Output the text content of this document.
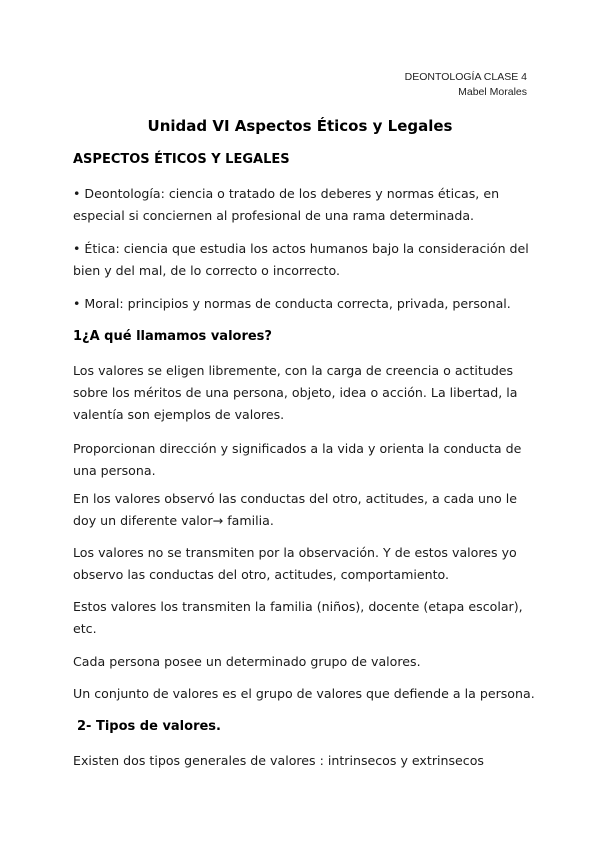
DEONTOLOGÍA CLASE 4
Mabel Morales
Unidad VI Aspectos Éticos y Legales
ASPECTOS ÉTICOS Y LEGALES
• Deontología: ciencia o tratado de los deberes y normas éticas, en especial si conciernen al profesional de una rama determinada.
• Ética: ciencia que estudia los actos humanos bajo la consideración del bien y del mal, de lo correcto o incorrecto.
• Moral: principios y normas de conducta correcta, privada, personal.
1¿A qué llamamos valores?
Los valores se eligen libremente, con la carga de creencia o actitudes sobre los méritos de una persona, objeto, idea o acción. La libertad, la valentía son ejemplos de valores.
Proporcionan dirección y significados a la vida y orienta la conducta de una persona.
En los valores observó las conductas del otro, actitudes, a cada uno le doy un diferente valor→ familia.
Los valores no se transmiten por la observación. Y de estos valores yo observo las conductas del otro, actitudes, comportamiento.
Estos valores los transmiten la familia (niños), docente (etapa escolar), etc.
Cada persona posee un determinado grupo de valores.
Un conjunto de valores es el grupo de valores que defiende a la persona.
2- Tipos de valores.
Existen dos tipos generales de valores : intrinsecos y extrinsecos
